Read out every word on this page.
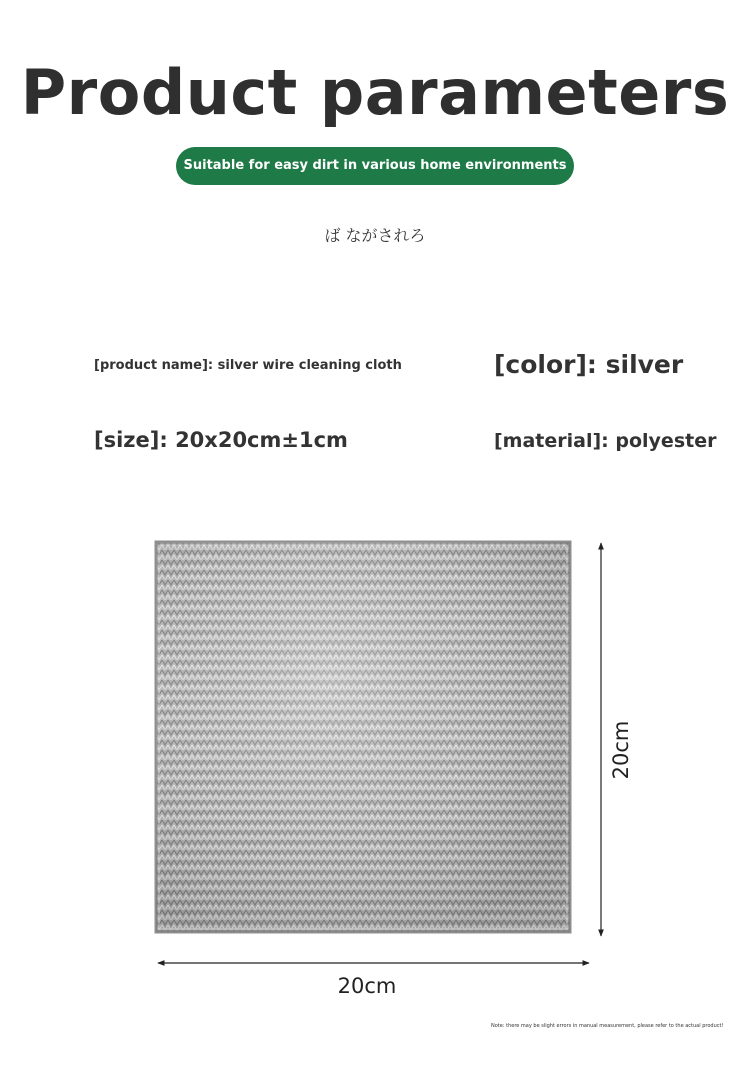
Product parameters
Suitable for easy dirt in various home environments
ば ながされろ
[product name]: silver wire cleaning cloth	[color]: silver
[size]: 20x20cm±1cm	[material]: polyester
20cm
20cm
Note: there may be slight errors in manual measurement, please refer to the actual product!
